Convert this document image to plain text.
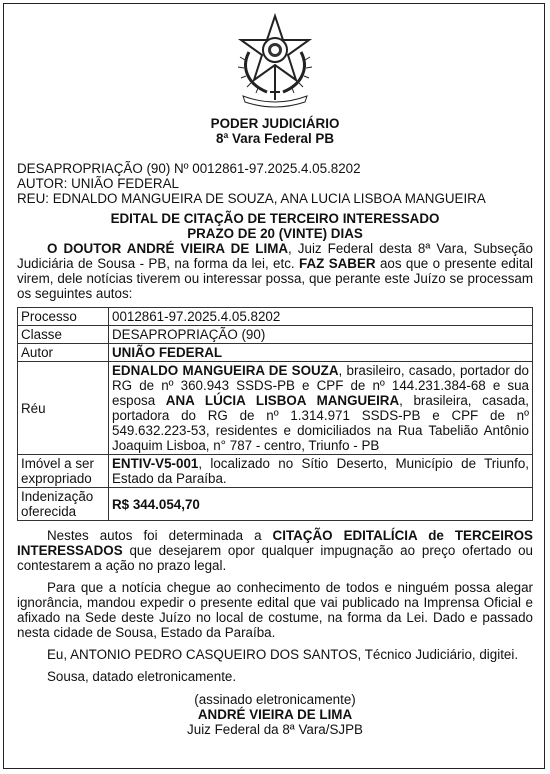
PODER JUDICIÁRIO
8ª Vara Federal PB
DESAPROPRIAÇÃO (90) Nº 0012861-97.2025.4.05.8202
AUTOR: UNIÃO FEDERAL
REU: EDNALDO MANGUEIRA DE SOUZA, ANA LUCIA LISBOA MANGUEIRA
EDITAL DE CITAÇÃO DE TERCEIRO INTERESSADO
PRAZO DE 20 (VINTE) DIAS

O DOUTOR ANDRÉ VIEIRA DE LIMA, Juiz Federal desta 8ª Vara, Subseção Judiciária de Sousa - PB, na forma da lei, etc. FAZ SABER aos que o presente edital virem, dele notícias tiverem ou interessar possa, que perante este Juízo se processam os seguintes autos:

Processo	0012861-97.2025.4.05.8202
Classe	DESAPROPRIAÇÃO (90)
Autor	UNIÃO FEDERAL
Réu	EDNALDO MANGUEIRA DE SOUZA, brasileiro, casado, portador do RG de nº 360.943 SSDS-PB e CPF de nº 144.231.384-68 e sua esposa ANA LÚCIA LISBOA MANGUEIRA, brasileira, casada, portadora do RG de nº 1.314.971 SSDS-PB e CPF de nº 549.632.223-53, residentes e domiciliados na Rua Tabelião Antônio Joaquim Lisboa, n° 787 - centro, Triunfo - PB
Imóvel a ser expropriado	ENTIV-V5-001, localizado no Sítio Deserto, Município de Triunfo, Estado da Paraíba.
Indenização oferecida	R$ 344.054,70

Nestes autos foi determinada a CITAÇÃO EDITALÍCIA de TERCEIROS INTERESSADOS que desejarem opor qualquer impugnação ao preço ofertado ou contestarem a ação no prazo legal.

Para que a notícia chegue ao conhecimento de todos e ninguém possa alegar ignorância, mandou expedir o presente edital que vai publicado na Imprensa Oficial e afixado na Sede deste Juízo no local de costume, na forma da Lei. Dado e passado nesta cidade de Sousa, Estado da Paraíba.

Eu, ANTONIO PEDRO CASQUEIRO DOS SANTOS, Técnico Judiciário, digitei.

Sousa, datado eletronicamente.

(assinado eletronicamente)
ANDRÉ VIEIRA DE LIMA
Juiz Federal da 8ª Vara/SJPB
